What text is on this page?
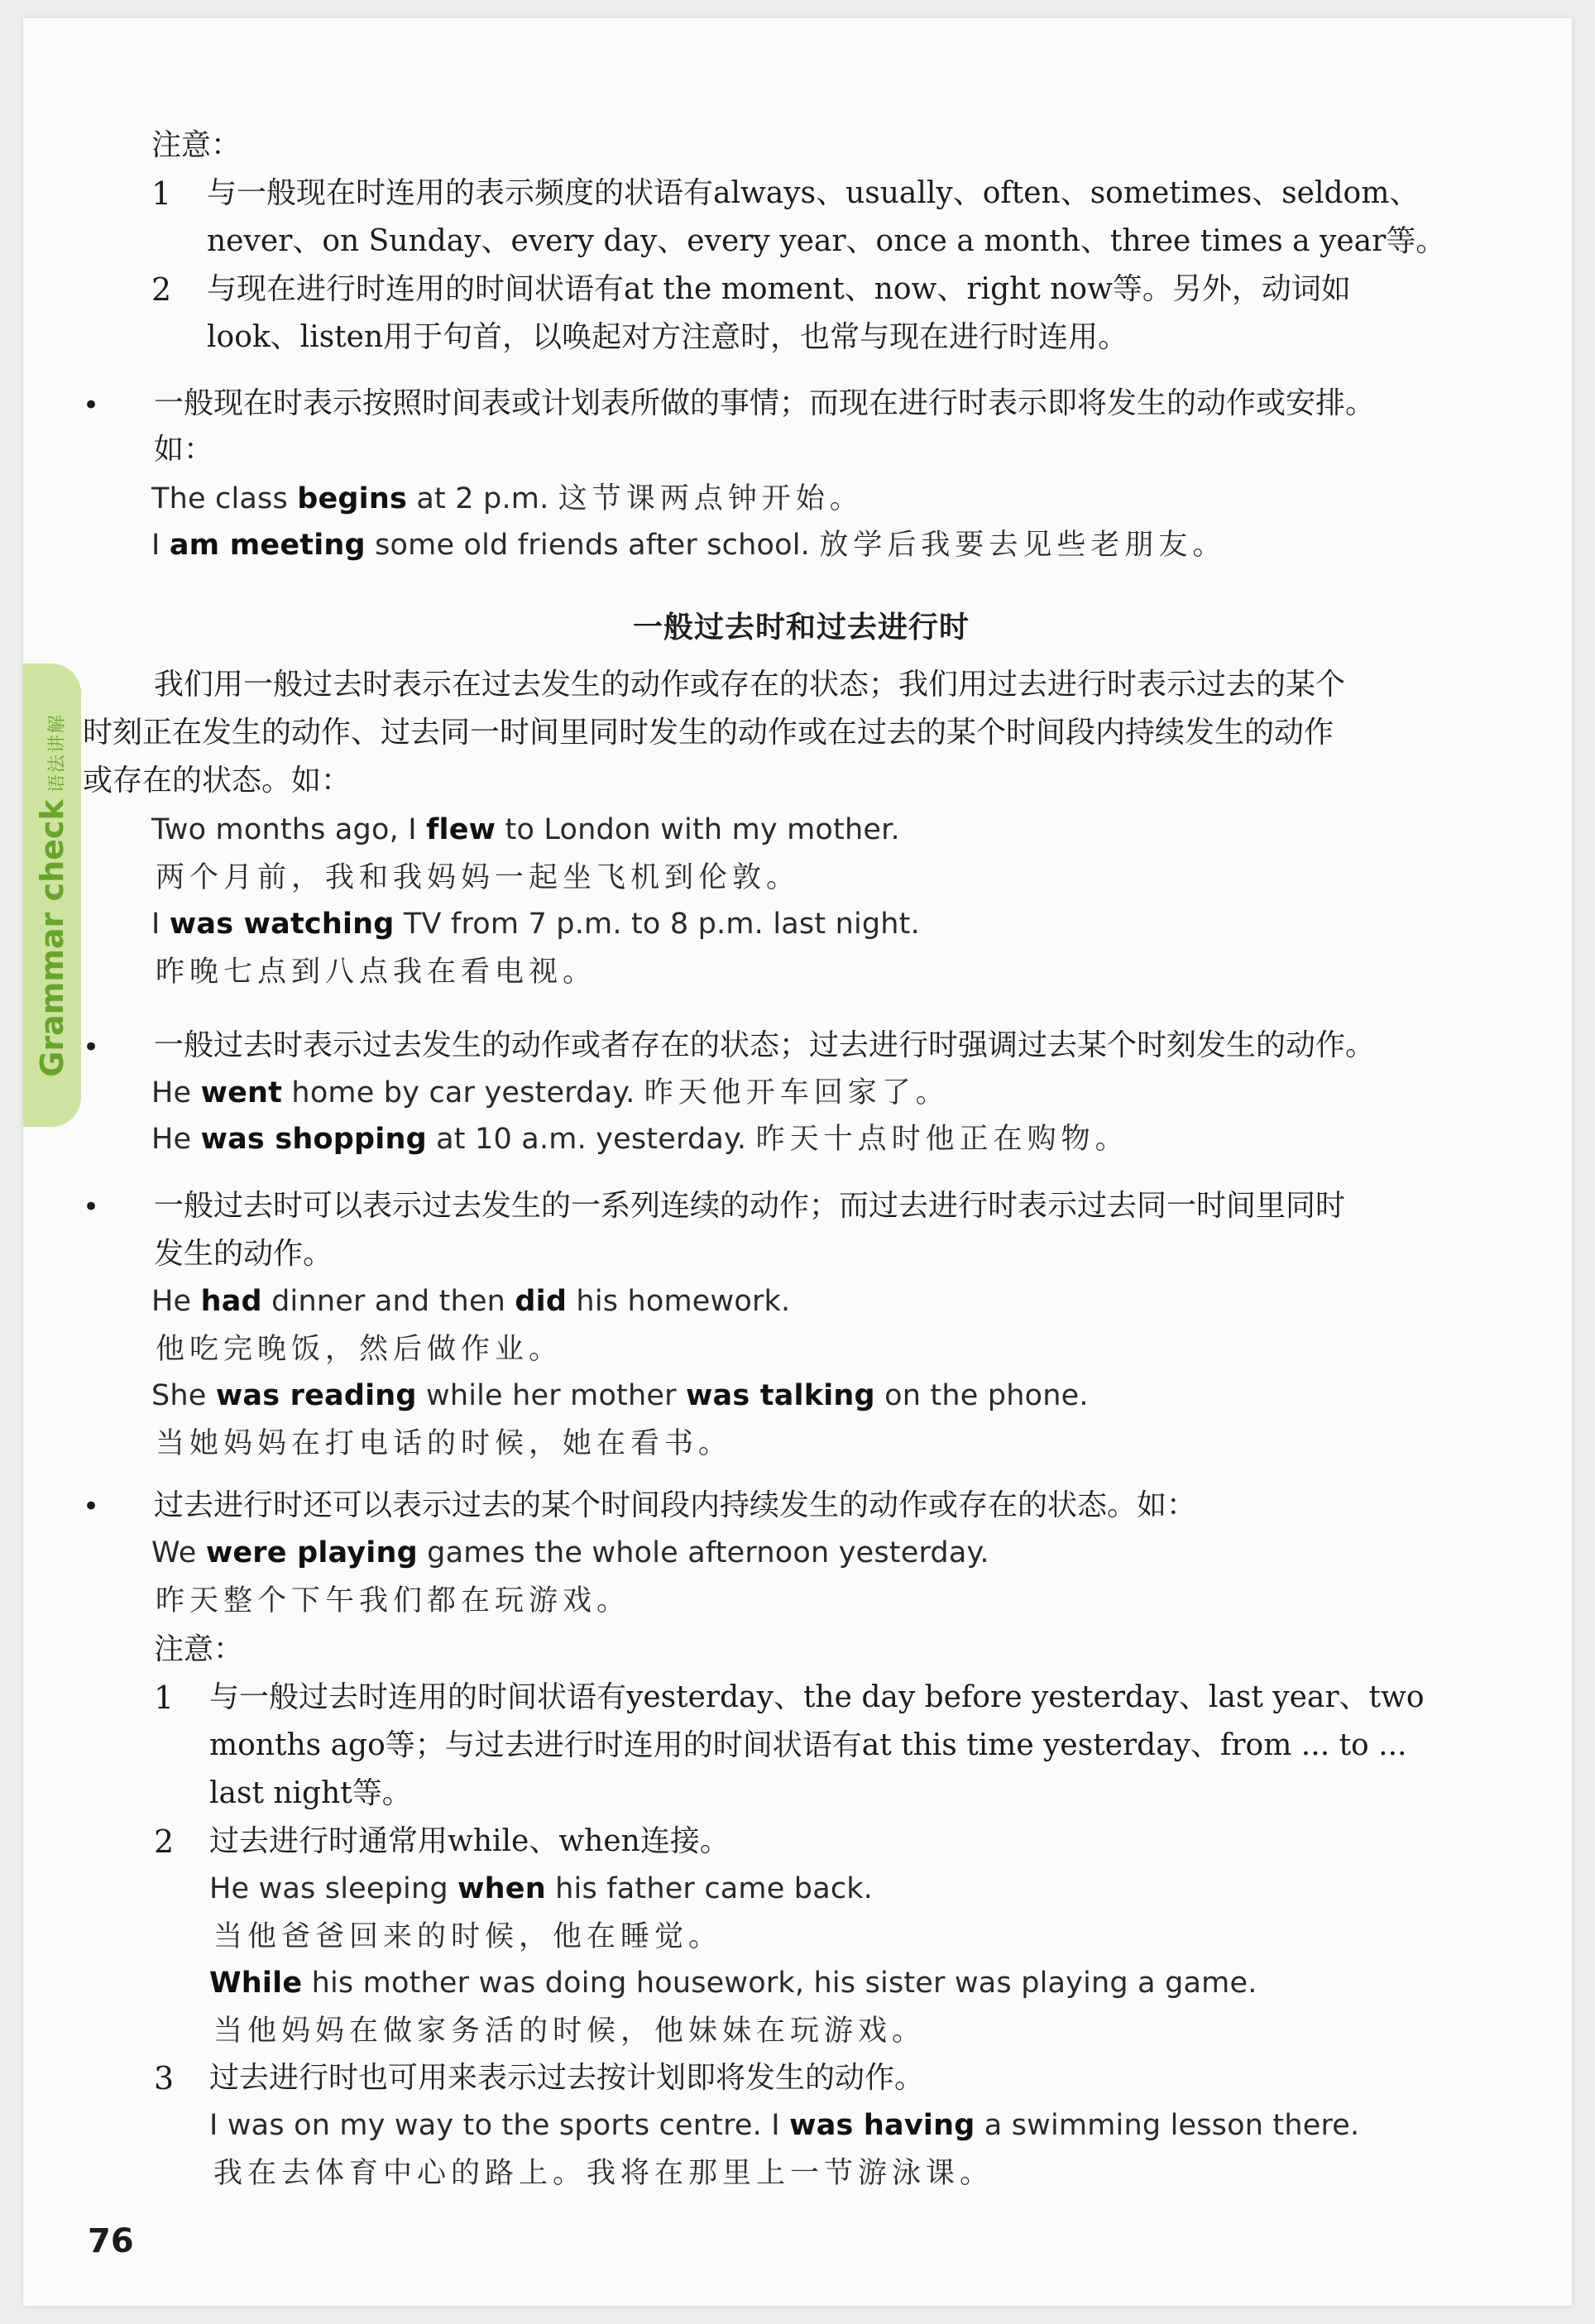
Grammar check语法讲解
注意：
1 与一般现在时连用的表示频度的状语有always、usually、often、sometimes、seldom、
never、on Sunday、every day、every year、once a month、three times a year等。
2 与现在进行时连用的时间状语有at the moment、now、right now等。另外，动词如
look、listen用于句首，以唤起对方注意时，也常与现在进行时连用。
• 一般现在时表示按照时间表或计划表所做的事情；而现在进行时表示即将发生的动作或安排。
如：
The class begins at 2 p.m. 这节课两点钟开始。
I am meeting some old friends after school. 放学后我要去见些老朋友。
一般过去时和过去进行时
我们用一般过去时表示在过去发生的动作或存在的状态；我们用过去进行时表示过去的某个
时刻正在发生的动作、过去同一时间里同时发生的动作或在过去的某个时间段内持续发生的动作
或存在的状态。如：
Two months ago, I flew to London with my mother.
两个月前，我和我妈妈一起坐飞机到伦敦。
I was watching TV from 7 p.m. to 8 p.m. last night.
昨晚七点到八点我在看电视。
• 一般过去时表示过去发生的动作或者存在的状态；过去进行时强调过去某个时刻发生的动作。
He went home by car yesterday. 昨天他开车回家了。
He was shopping at 10 a.m. yesterday. 昨天十点时他正在购物。
• 一般过去时可以表示过去发生的一系列连续的动作；而过去进行时表示过去同一时间里同时
发生的动作。
He had dinner and then did his homework.
他吃完晚饭，然后做作业。
She was reading while her mother was talking on the phone.
当她妈妈在打电话的时候，她在看书。
• 过去进行时还可以表示过去的某个时间段内持续发生的动作或存在的状态。如：
We were playing games the whole afternoon yesterday.
昨天整个下午我们都在玩游戏。
注意：
1 与一般过去时连用的时间状语有yesterday、the day before yesterday、last year、two
months ago等；与过去进行时连用的时间状语有at this time yesterday、from ... to ...
last night等。
2 过去进行时通常用while、when连接。
He was sleeping when his father came back.
当他爸爸回来的时候，他在睡觉。
While his mother was doing housework, his sister was playing a game.
当他妈妈在做家务活的时候，他妹妹在玩游戏。
3 过去进行时也可用来表示过去按计划即将发生的动作。
I was on my way to the sports centre. I was having a swimming lesson there.
我在去体育中心的路上。我将在那里上一节游泳课。
76
